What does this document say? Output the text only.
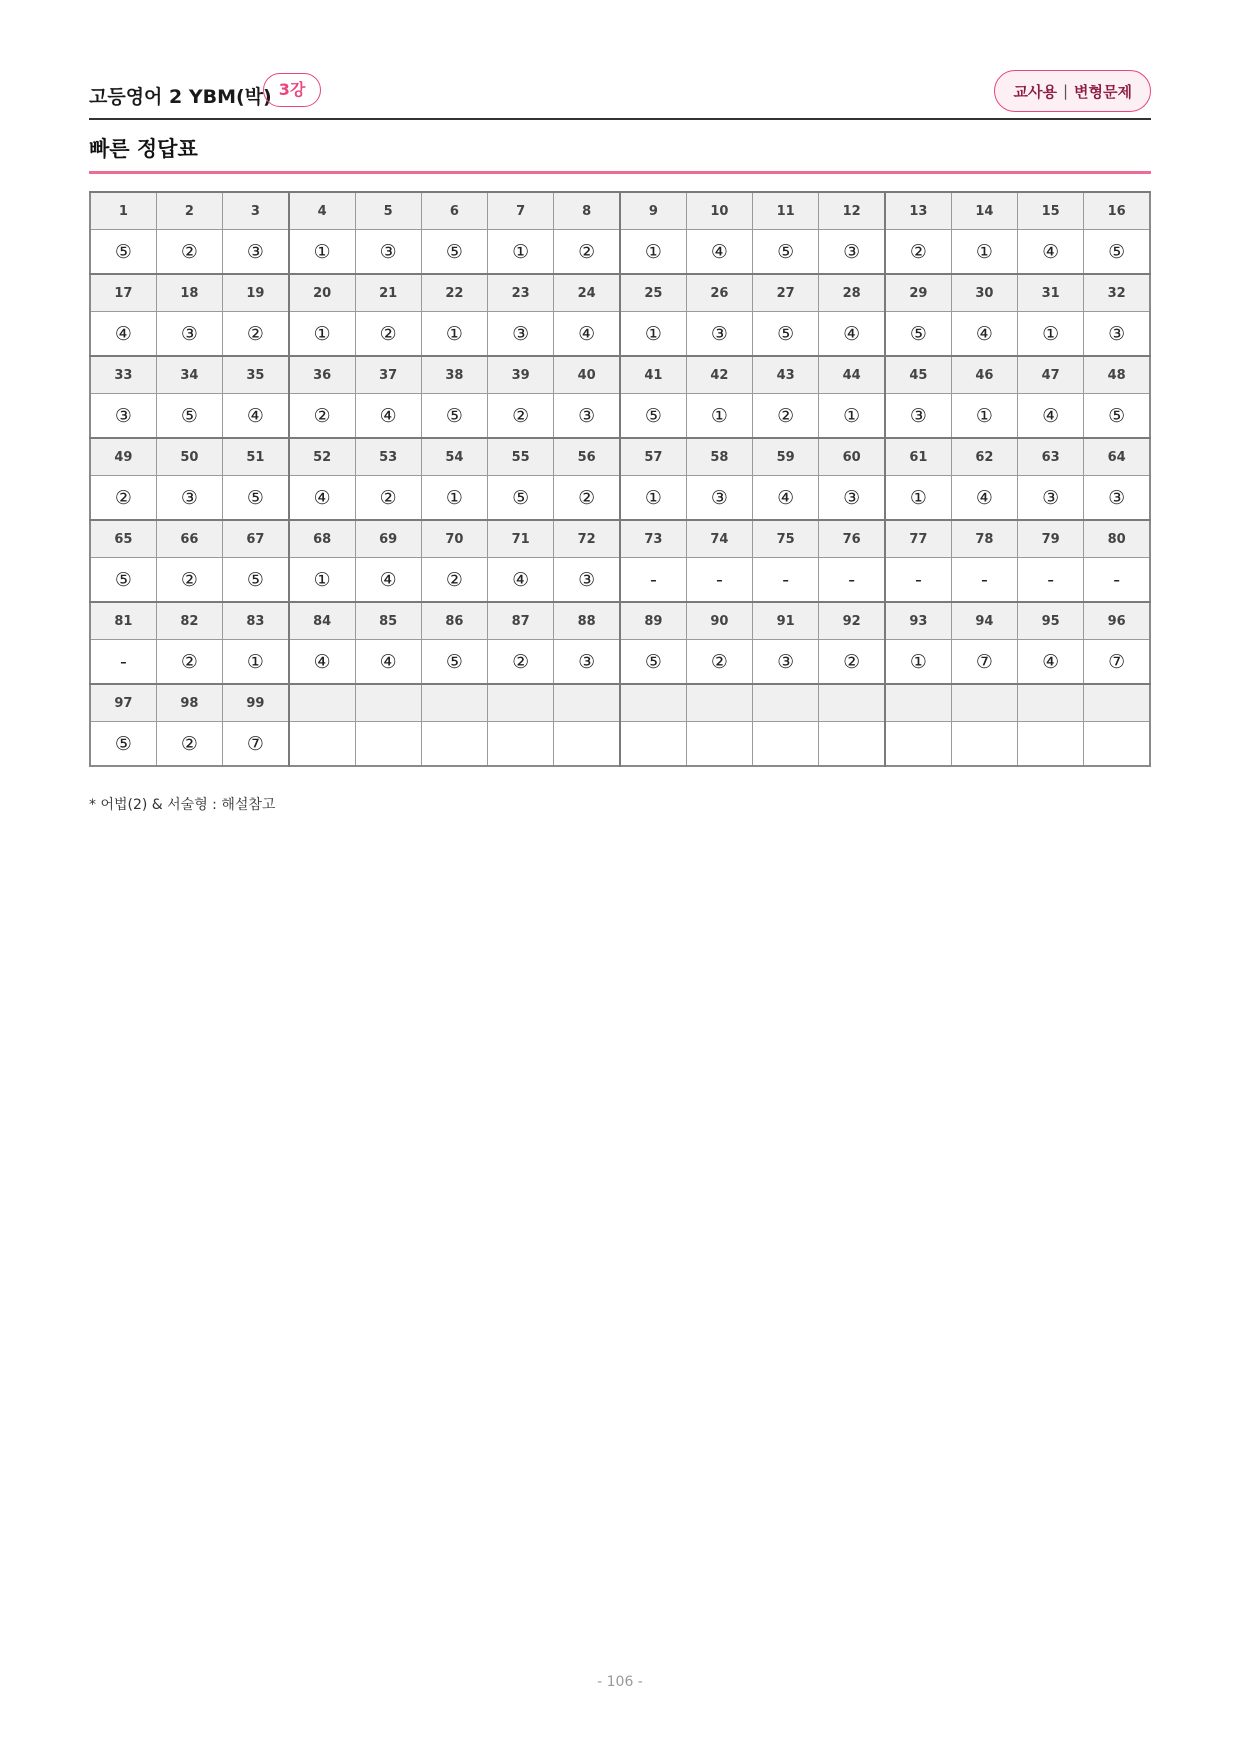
고등영어 2 YBM(박) 3강	교사용 | 변형문제
빠른 정답표
1	2	3	4	5	6	7	8	9	10	11	12	13	14	15	16
⑤	②	③	①	③	⑤	①	②	①	④	⑤	③	②	①	④	⑤
17	18	19	20	21	22	23	24	25	26	27	28	29	30	31	32
④	③	②	①	②	①	③	④	①	③	⑤	④	⑤	④	①	③
33	34	35	36	37	38	39	40	41	42	43	44	45	46	47	48
③	⑤	④	②	④	⑤	②	③	⑤	①	②	①	③	①	④	⑤
49	50	51	52	53	54	55	56	57	58	59	60	61	62	63	64
②	③	⑤	④	②	①	⑤	②	①	③	④	③	①	④	③	③
65	66	67	68	69	70	71	72	73	74	75	76	77	78	79	80
⑤	②	⑤	①	④	②	④	③	-	-	-	-	-	-	-	-
81	82	83	84	85	86	87	88	89	90	91	92	93	94	95	96
-	②	①	④	④	⑤	②	③	⑤	②	③	②	①	⑦	④	⑦
97	98	99													
⑤	②	⑦													
* 어법(2) & 서술형 : 해설참고
- 106 -
